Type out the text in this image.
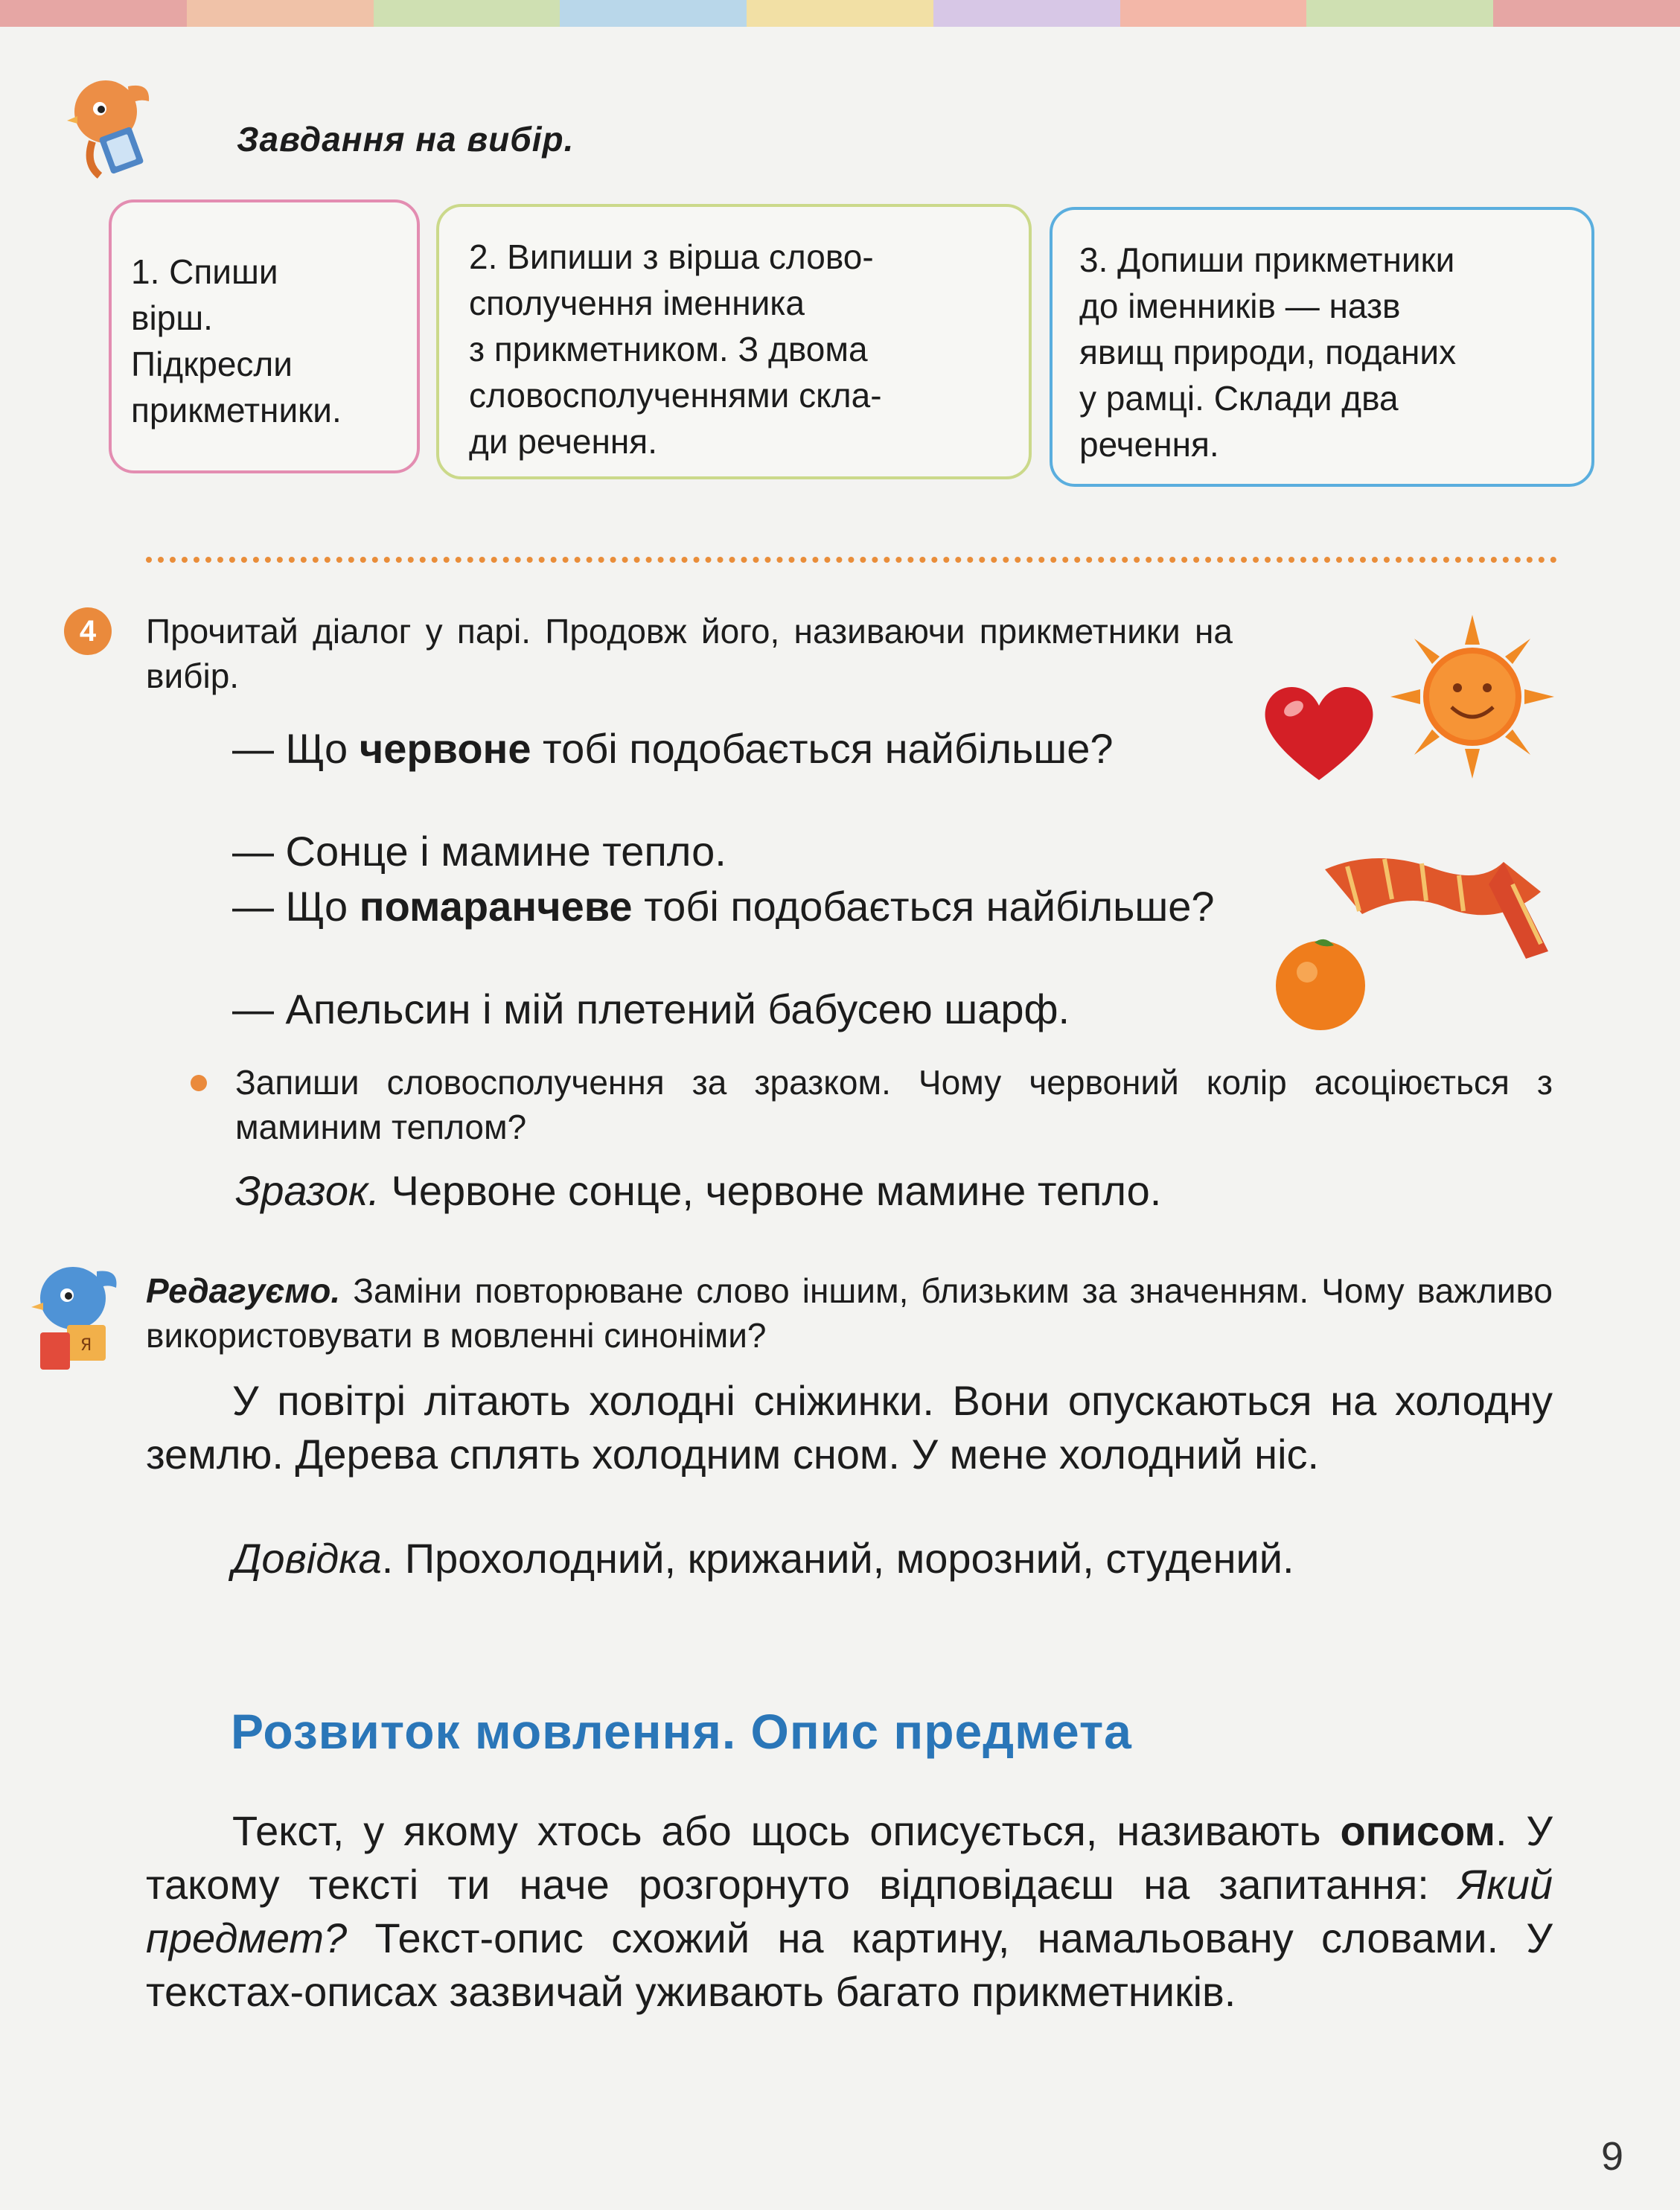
Завдання на вибір.
1. Спиши
вірш.
Підкресли
прикметники.
2. Випиши з вірша слово-
сполучення іменника
з прикметником. З двома
словосполученнями скла-
ди речення.
3. Допиши прикметники
до іменників — назв
явищ природи, поданих
у рамці. Склади два
речення.
4	Прочитай діалог у парі. Продовж його, називаючи прикметники на вибір.
— Що червоне тобі подобається найбільше?
— Сонце і мамине тепло.
— Що помаранчеве тобі подобається найбільше?
— Апельсин і мій плетений бабусею шарф.
Запиши словосполучення за зразком. Чому червоний колір асоціюється з маминим теплом?
Зразок. Червоне сонце, червоне мамине тепло.
Я
Редагуємо. Заміни повторюване слово іншим, близьким за значенням. Чому важливо використовувати в мовленні синоніми?
У повітрі літають холодні сніжинки. Вони опускаються на холодну землю. Дерева сплять холодним сном. У мене холодний ніс.
Довідка. Прохолодний, крижаний, морозний, студений.
Розвиток мовлення. Опис предмета
Текст, у якому хтось або щось описується, називають описом. У такому тексті ти наче розгорнуто відповідаєш на запитання: Який предмет? Текст-опис схожий на картину, намальовану словами. У текстах-описах зазвичай уживають багато прикметників.
9
